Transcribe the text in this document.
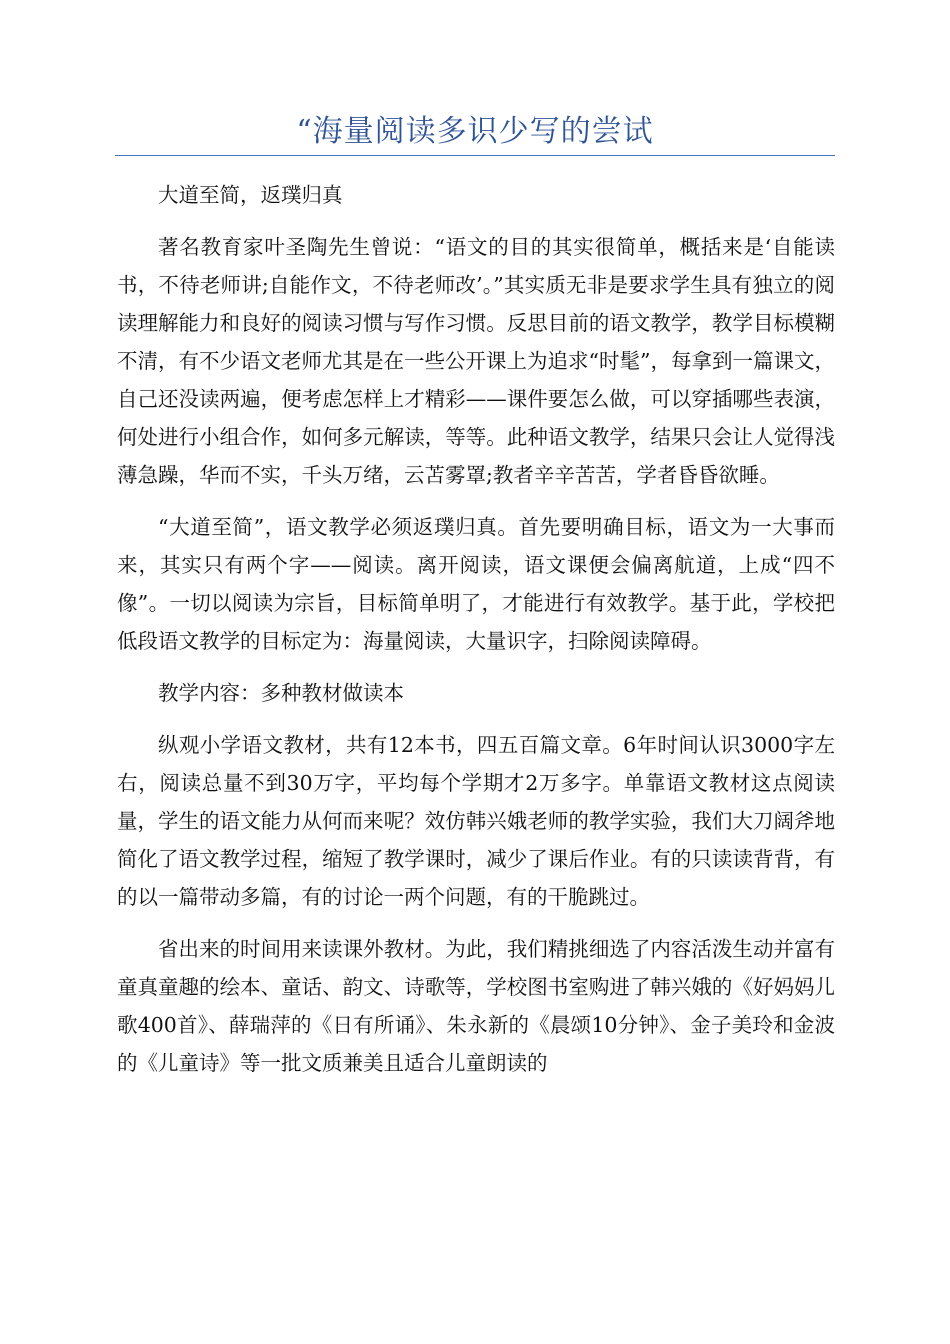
“海量阅读多识少写的尝试

大道至简，返璞归真

著名教育家叶圣陶先生曾说：“语文的目的其实很简单，概括来是‘自能读书，不待老师讲;自能作文，不待老师改’。”其实质无非是要求学生具有独立的阅读理解能力和良好的阅读习惯与写作习惯。反思目前的语文教学，教学目标模糊不清，有不少语文老师尤其是在一些公开课上为追求“时髦”，每拿到一篇课文，自己还没读两遍，便考虑怎样上才精彩——课件要怎么做，可以穿插哪些表演，何处进行小组合作，如何多元解读，等等。此种语文教学，结果只会让人觉得浅薄急躁，华而不实，千头万绪，云苫雾罩;教者辛辛苦苦，学者昏昏欲睡。

“大道至简”，语文教学必须返璞归真。首先要明确目标，语文为一大事而来，其实只有两个字——阅读。离开阅读，语文课便会偏离航道，上成“四不像”。一切以阅读为宗旨，目标简单明了，才能进行有效教学。基于此，学校把低段语文教学的目标定为：海量阅读，大量识字，扫除阅读障碍。

教学内容：多种教材做读本

纵观小学语文教材，共有12本书，四五百篇文章。6年时间认识3000字左右，阅读总量不到30万字，平均每个学期才2万多字。单靠语文教材这点阅读量，学生的语文能力从何而来呢？效仿韩兴娥老师的教学实验，我们大刀阔斧地简化了语文教学过程，缩短了教学课时，减少了课后作业。有的只读读背背，有的以一篇带动多篇，有的讨论一两个问题，有的干脆跳过。

省出来的时间用来读课外教材。为此，我们精挑细选了内容活泼生动并富有童真童趣的绘本、童话、韵文、诗歌等，学校图书室购进了韩兴娥的《好妈妈儿歌400首》、薛瑞萍的《日有所诵》、朱永新的《晨颂10分钟》、金子美玲和金波的《儿童诗》等一批文质兼美且适合儿童朗读的
